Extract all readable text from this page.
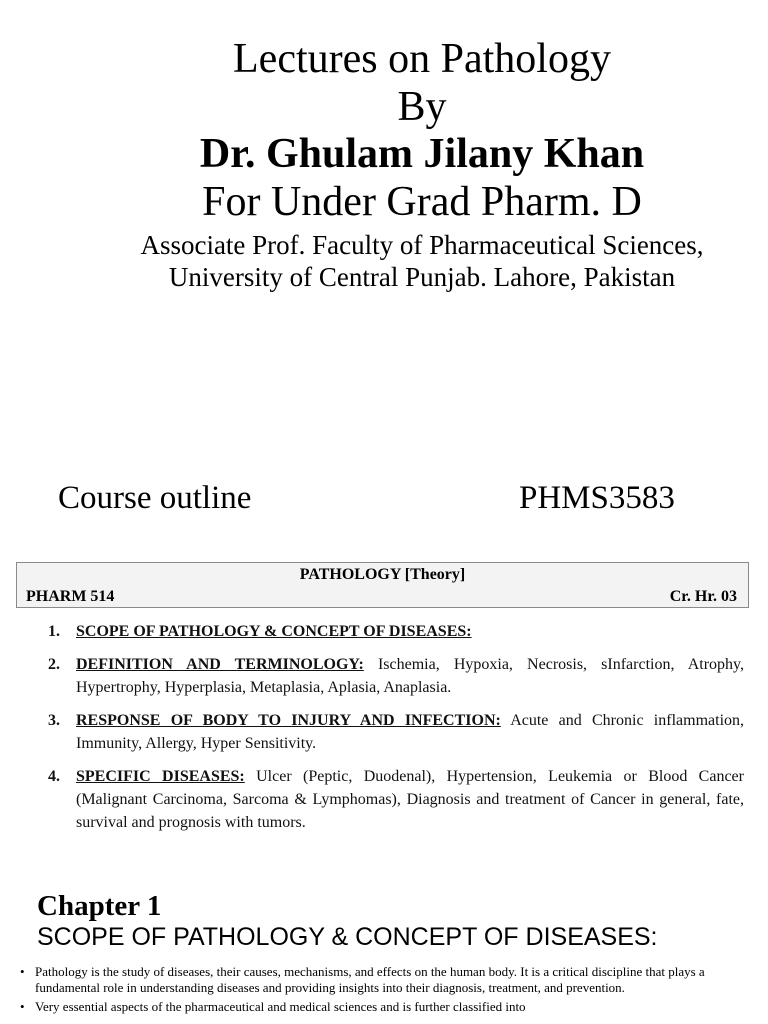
Lectures on Pathology
By
Dr. Ghulam Jilany Khan
For Under Grad Pharm. D
Associate Prof. Faculty of Pharmaceutical Sciences,
University of Central Punjab. Lahore, Pakistan
Course outline	PHMS3583
PATHOLOGY [Theory]
PHARM 514	Cr. Hr. 03
1.	SCOPE OF PATHOLOGY & CONCEPT OF DISEASES:
2.	DEFINITION AND TERMINOLOGY: Ischemia, Hypoxia, Necrosis, sInfarction, Atrophy, Hypertrophy, Hyperplasia, Metaplasia, Aplasia, Anaplasia.
3.	RESPONSE OF BODY TO INJURY AND INFECTION: Acute and Chronic inflammation, Immunity, Allergy, Hyper Sensitivity.
4.	SPECIFIC DISEASES: Ulcer (Peptic, Duodenal), Hypertension, Leukemia or Blood Cancer (Malignant Carcinoma, Sarcoma & Lymphomas), Diagnosis and treatment of Cancer in general, fate, survival and prognosis with tumors.
Chapter 1
SCOPE OF PATHOLOGY & CONCEPT OF DISEASES:
• Pathology is the study of diseases, their causes, mechanisms, and effects on the human body. It is a critical discipline that plays a fundamental role in understanding diseases and providing insights into their diagnosis, treatment, and prevention.
• Very essential aspects of the pharmaceutical and medical sciences and is further classified into
